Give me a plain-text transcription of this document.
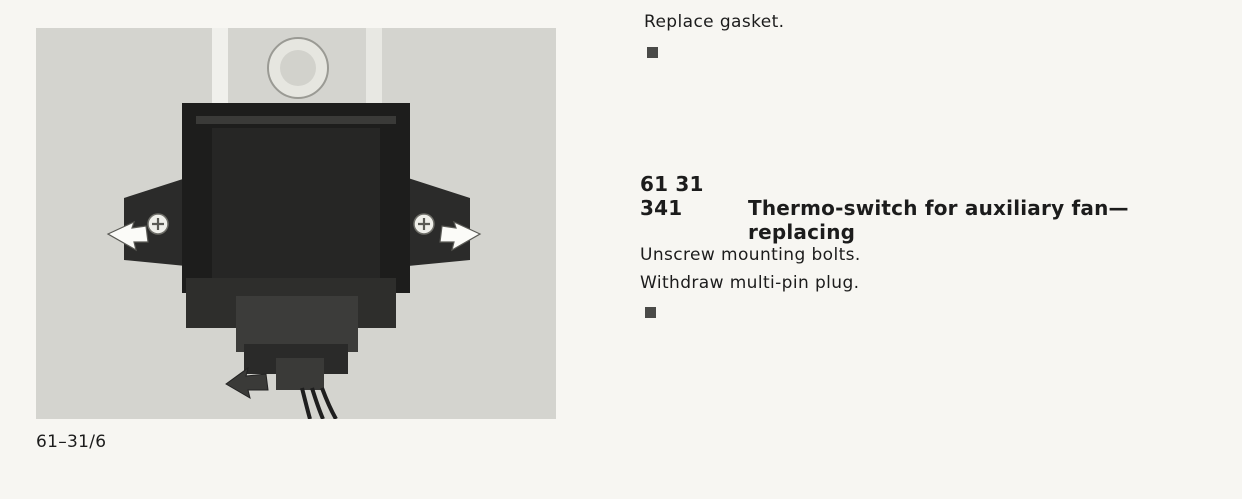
61–31/6
Replace gasket.
61 31 341	Thermo-switch for auxiliary fan—
replacing
Unscrew mounting bolts.
Withdraw multi-pin plug.
